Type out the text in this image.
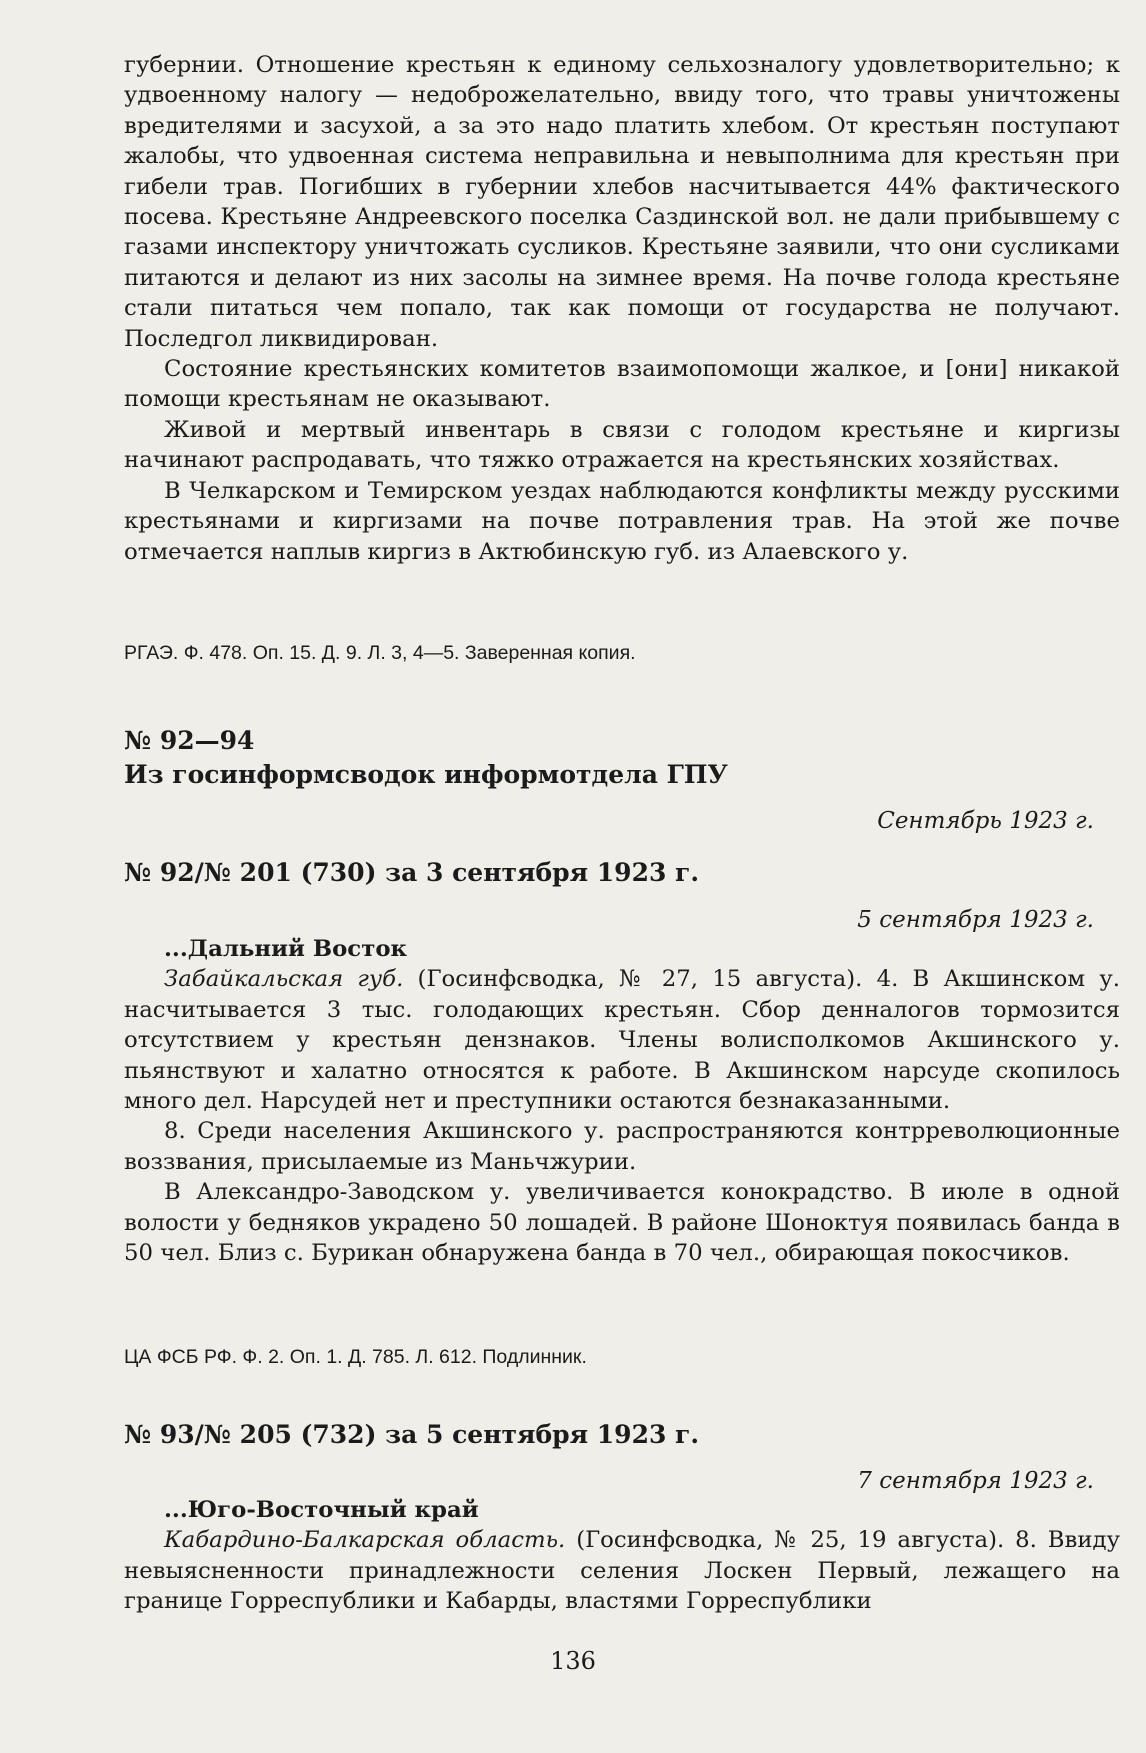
губернии. Отношение крестьян к единому сельхозналогу удовлетворительно; к удвоенному налогу — недоброжелательно, ввиду того, что травы уничтожены вредителями и засухой, а за это надо платить хлебом. От крестьян поступают жалобы, что удвоенная система неправильна и невыполнима для крестьян при гибели трав. Погибших в губернии хлебов насчитывается 44% фактического посева. Крестьяне Андреевского поселка Саздинской вол. не дали прибывшему с газами инспектору уничтожать сусликов. Крестьяне заявили, что они сусликами питаются и делают из них засолы на зимнее время. На почве голода крестьяне стали питаться чем попало, так как помощи от государства не получают. Последгол ликвидирован.

Состояние крестьянских комитетов взаимопомощи жалкое, и [они] никакой помощи крестьянам не оказывают.

Живой и мертвый инвентарь в связи с голодом крестьяне и киргизы начинают распродавать, что тяжко отражается на крестьянских хозяйствах.

В Челкарском и Темирском уездах наблюдаются конфликты между русскими крестьянами и киргизами на почве потравления трав. На этой же почве отмечается наплыв киргиз в Актюбинскую губ. из Алаевского у.

РГАЭ. Ф. 478. Оп. 15. Д. 9. Л. 3, 4—5. Заверенная копия.

№ 92—94

Из госинформсводок информотдела ГПУ

Сентябрь 1923 г.

№ 92/№ 201 (730) за 3 сентября 1923 г.

5 сентября 1923 г.

...Дальний Восток

Забайкальская губ. (Госинфсводка, № 27, 15 августа). 4. В Акшинском у. насчитывается 3 тыс. голодающих крестьян. Сбор денналогов тормозится отсутствием у крестьян дензнаков. Члены волисполкомов Акшинского у. пьянствуют и халатно относятся к работе. В Акшинском нарсуде скопилось много дел. Нарсудей нет и преступники остаются безнаказанными.

8. Среди населения Акшинского у. распространяются контрреволюционные воззвания, присылаемые из Маньчжурии.

В Александро-Заводском у. увеличивается конокрадство. В июле в одной волости у бедняков украдено 50 лошадей. В районе Шоноктуя появилась банда в 50 чел. Близ с. Бурикан обнаружена банда в 70 чел., обирающая покосчиков.

ЦА ФСБ РФ. Ф. 2. Оп. 1. Д. 785. Л. 612. Подлинник.

№ 93/№ 205 (732) за 5 сентября 1923 г.

7 сентября 1923 г.

...Юго-Восточный край

Кабардино-Балкарская область. (Госинфсводка, № 25, 19 августа). 8. Ввиду невыясненности принадлежности селения Лоскен Первый, лежащего на границе Горреспублики и Кабарды, властями Горреспублики

136
